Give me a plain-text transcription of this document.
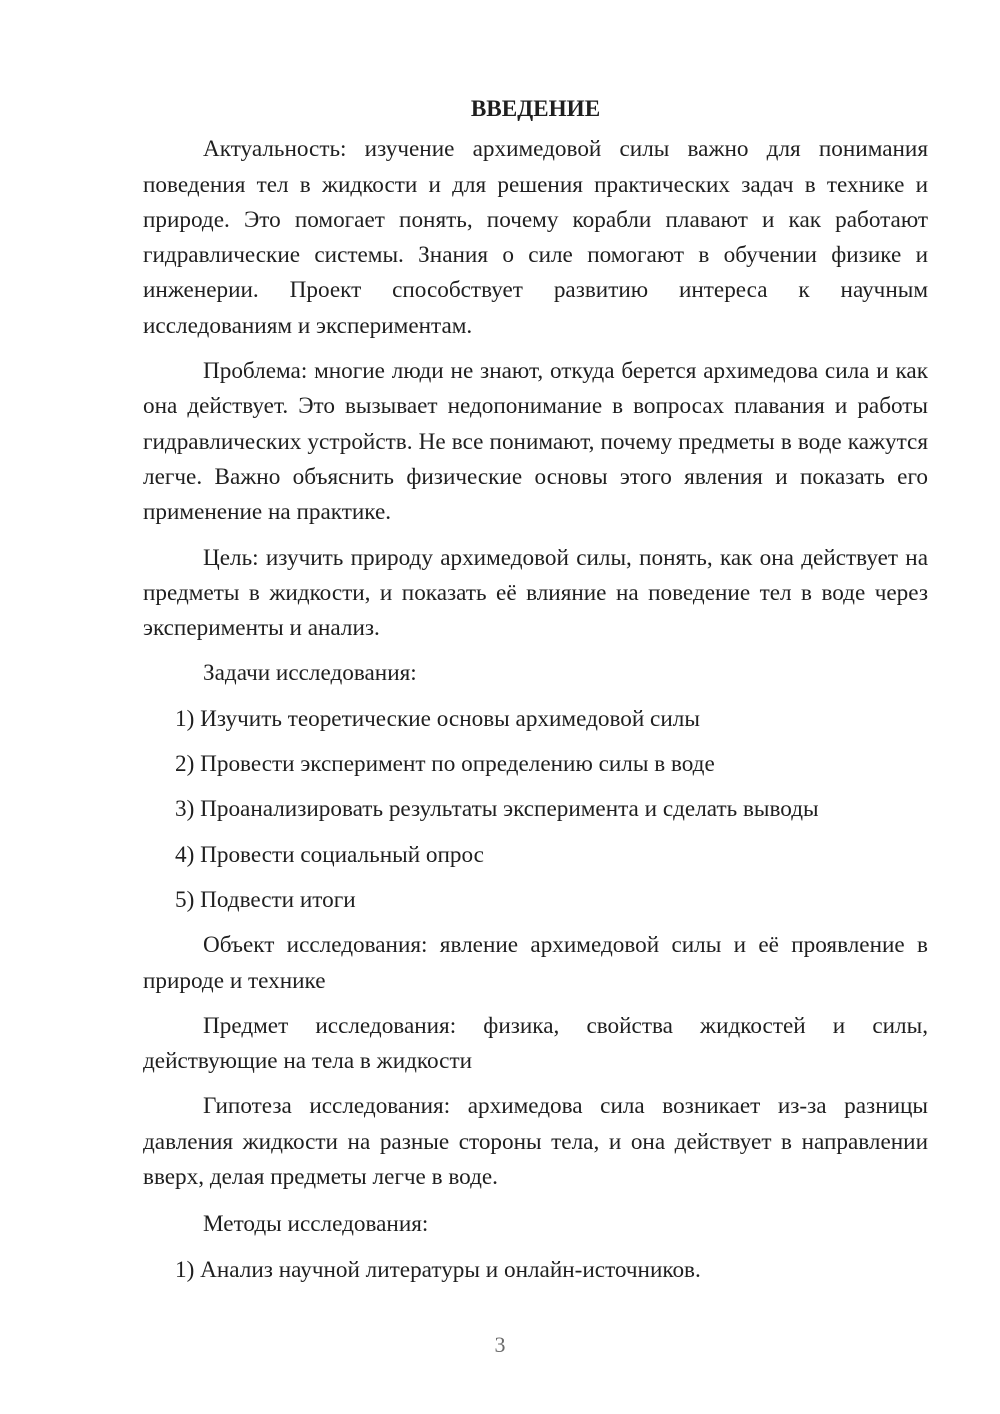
ВВЕДЕНИЕ

Актуальность: изучение архимедовой силы важно для понимания поведения тел в жидкости и для решения практических задач в технике и природе. Это помогает понять, почему корабли плавают и как работают гидравлические системы. Знания о силе помогают в обучении физике и инженерии. Проект способствует развитию интереса к научным исследованиям и экспериментам.

Проблема: многие люди не знают, откуда берется архимедова сила и как она действует. Это вызывает недопонимание в вопросах плавания и работы гидравлических устройств. Не все понимают, почему предметы в воде кажутся легче. Важно объяснить физические основы этого явления и показать его применение на практике.

Цель: изучить природу архимедовой силы, понять, как она действует на предметы в жидкости, и показать её влияние на поведение тел в воде через эксперименты и анализ.

Задачи исследования:

1) Изучить теоретические основы архимедовой силы

2) Провести эксперимент по определению силы в воде

3) Проанализировать результаты эксперимента и сделать выводы

4) Провести социальный опрос

5) Подвести итоги

Объект исследования: явление архимедовой силы и её проявление в природе и технике

Предмет исследования: физика, свойства жидкостей и силы, действующие на тела в жидкости

Гипотеза исследования: архимедова сила возникает из-за разницы давления жидкости на разные стороны тела, и она действует в направлении вверх, делая предметы легче в воде.

Методы исследования:

1) Анализ научной литературы и онлайн-источников.

3
